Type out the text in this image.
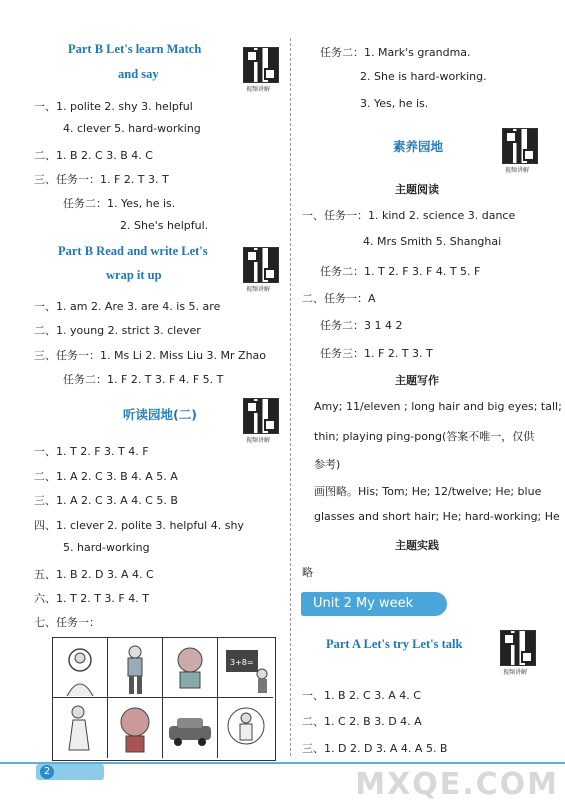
Part B Let's learn Match
and say
视频讲解
一、1. polite 2. shy 3. helpful
4. clever 5. hard-working
二、1. B 2. C 3. B 4. C
三、任务一：1. F 2. T 3. T
任务二：1. Yes, he is.
2. She's helpful.
Part B Read and write Let's
wrap it up
视频讲解
一、1. am 2. Are 3. are 4. is 5. are
二、1. young 2. strict 3. clever
三、任务一：1. Ms Li 2. Miss Liu 3. Mr Zhao
任务二：1. F 2. T 3. F 4. F 5. T
听读园地(二)
视频讲解
一、1. T 2. F 3. T 4. F
二、1. A 2. C 3. B 4. A 5. A
三、1. A 2. C 3. A 4. C 5. B
四、1. clever 2. polite 3. helpful 4. shy
5. hard-working
五、1. B 2. D 3. A 4. C
六、1. T 2. T 3. F 4. T
七、任务一：
3+8=
任务二：1. Mark's grandma.
2. She is hard-working.
3. Yes, he is.
素养园地
视频讲解
主题阅读
一、任务一：1. kind 2. science 3. dance
4. Mrs Smith 5. Shanghai
任务二：1. T 2. F 3. F 4. T 5. F
二、任务一：A
任务二：3 1 4 2
任务三：1. F 2. T 3. T
主题写作
Amy; 11/eleven ; long hair and big eyes; tall;
thin; playing ping-pong(答案不唯一，仅供
参考)
画图略。His; Tom; He; 12/twelve; He; blue
glasses and short hair; He; hard-working; He
主题实践
略
Unit 2 My week
Part A Let's try Let's talk
视频讲解
一、1. B 2. C 3. A 4. C
二、1. C 2. B 3. D 4. A
三、1. D 2. D 3. A 4. A 5. B
2	MXQE.COM
